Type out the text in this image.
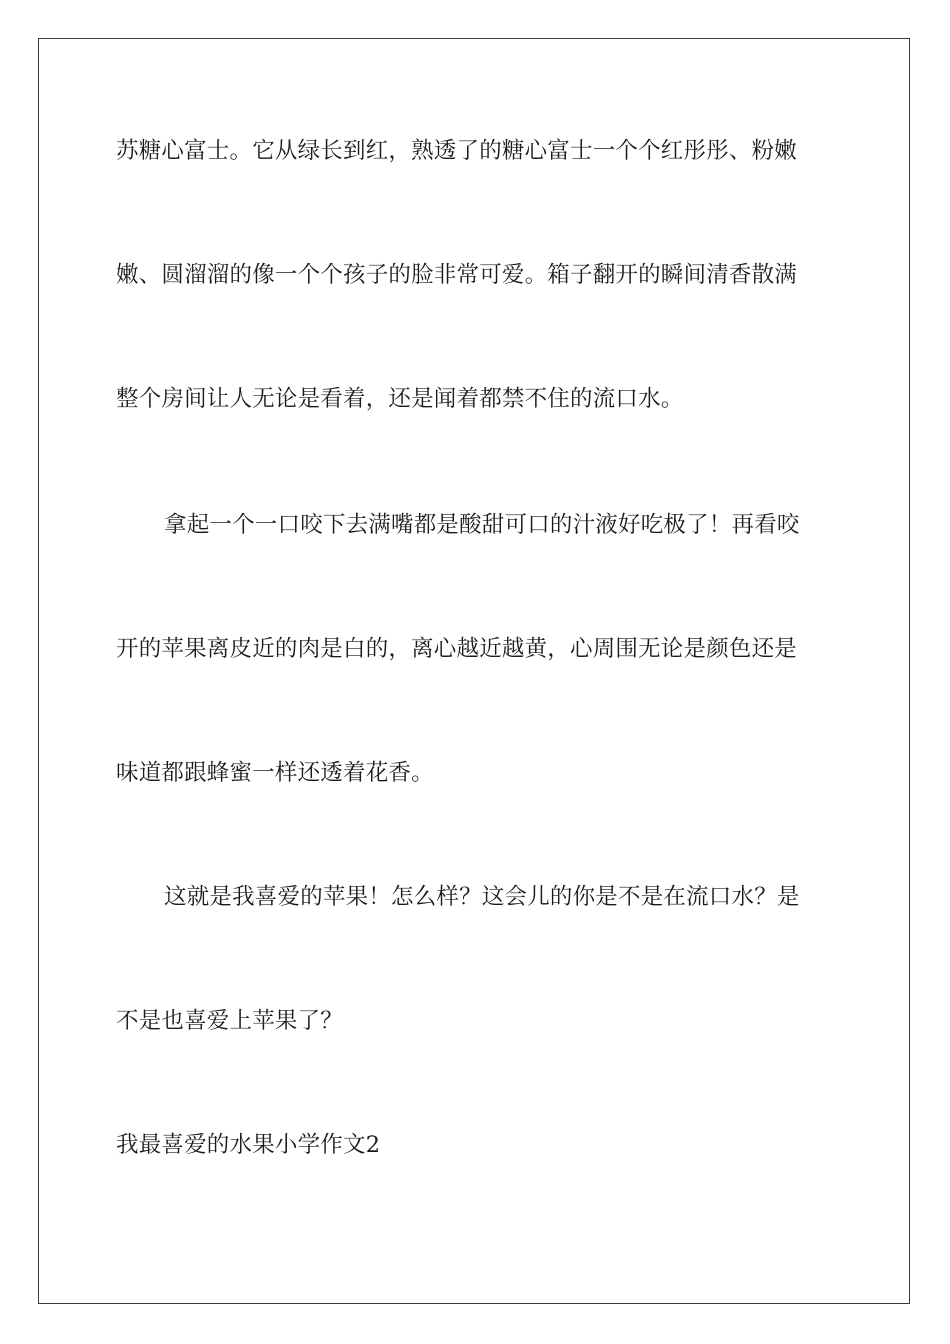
苏糖心富士。它从绿长到红，熟透了的糖心富士一个个红彤彤、粉嫩
嫩、圆溜溜的像一个个孩子的脸非常可爱。箱子翻开的瞬间清香散满
整个房间让人无论是看着，还是闻着都禁不住的流口水。
拿起一个一口咬下去满嘴都是酸甜可口的汁液好吃极了！再看咬
开的苹果离皮近的肉是白的，离心越近越黄，心周围无论是颜色还是
味道都跟蜂蜜一样还透着花香。
这就是我喜爱的苹果！怎么样？这会儿的你是不是在流口水？是
不是也喜爱上苹果了？
我最喜爱的水果小学作文2
